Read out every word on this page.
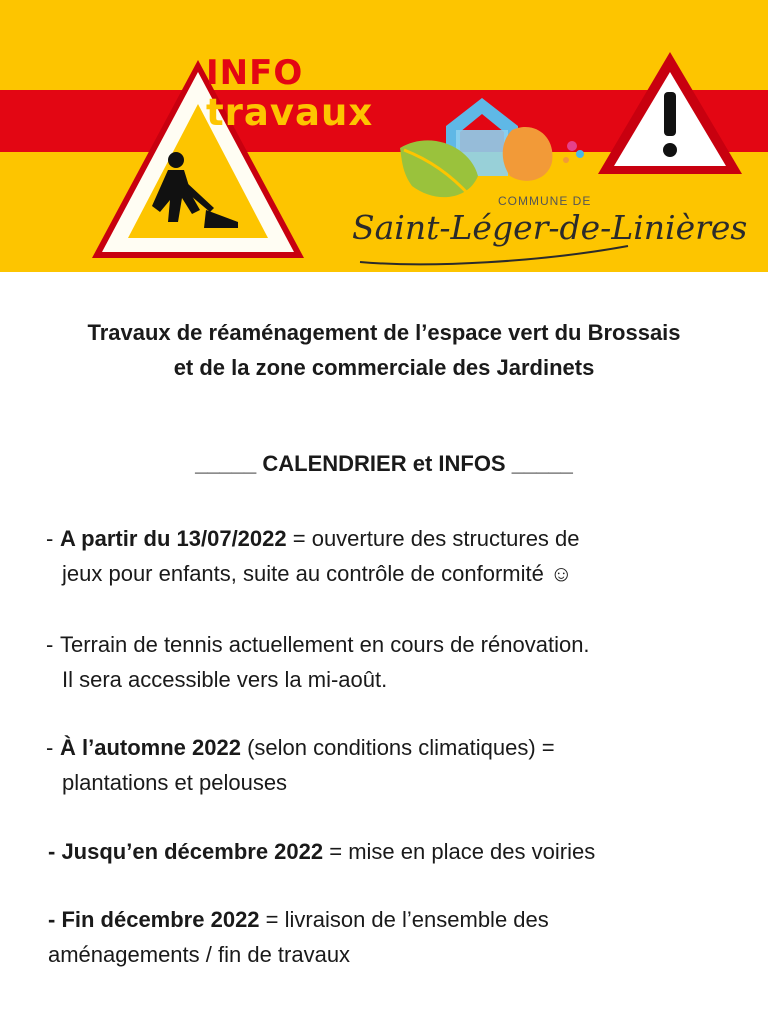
INFO
travaux
COMMUNE DE
Saint-Léger-de-Linières
Travaux de réaménagement de l’espace vert du Brossais
et de la zone commerciale des Jardinets
_____ CALENDRIER et INFOS _____
- A partir du 13/07/2022 = ouverture des structures de
jeux pour enfants, suite au contrôle de conformité ☺
- Terrain de tennis actuellement en cours de rénovation.
Il sera accessible vers la mi-août.
- À l’automne 2022 (selon conditions climatiques) =
plantations et pelouses
- Jusqu’en décembre 2022 = mise en place des voiries
- Fin décembre 2022 = livraison de l’ensemble des
aménagements / fin de travaux
